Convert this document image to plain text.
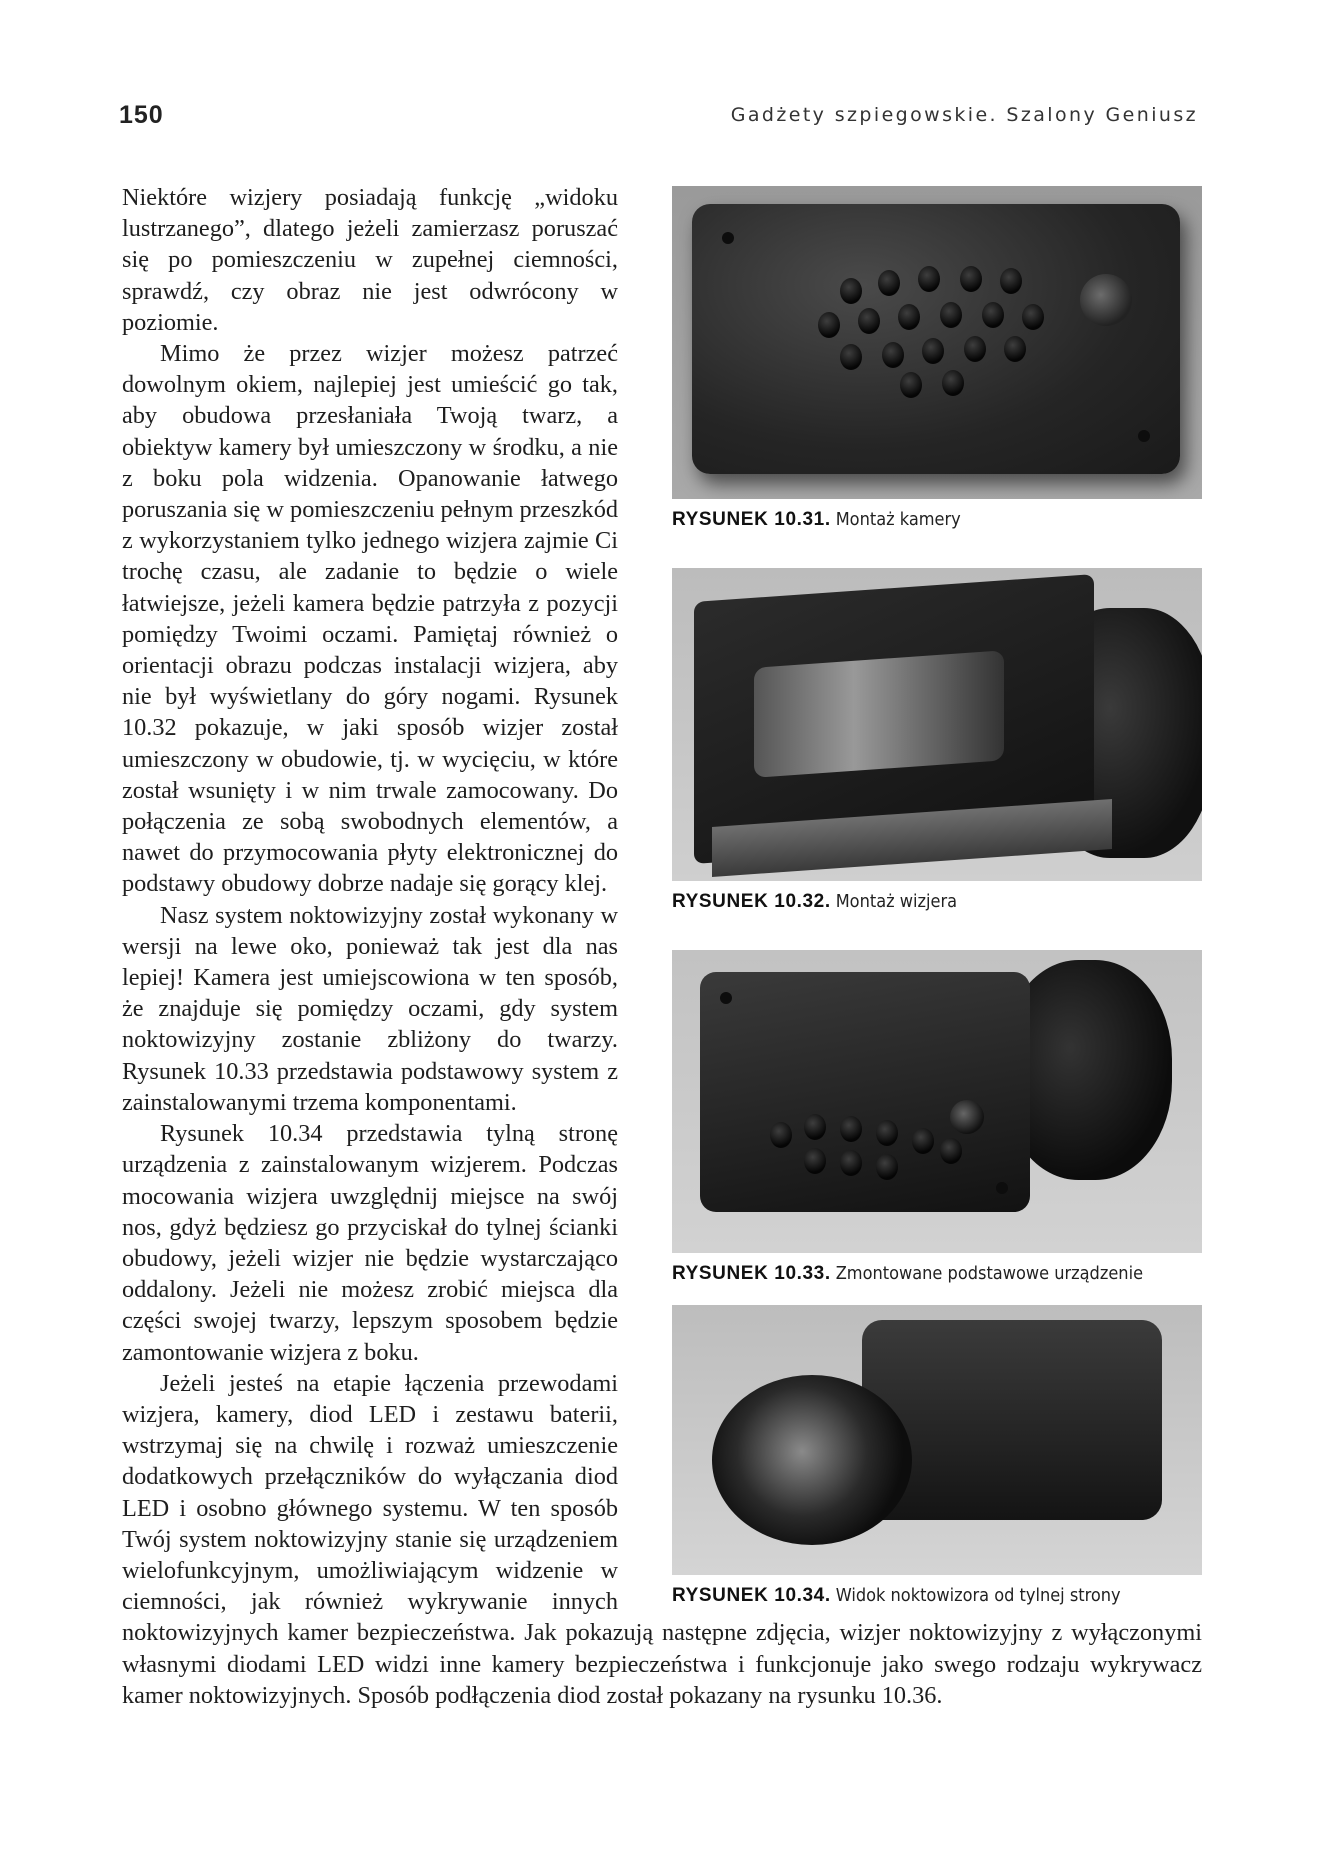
150	Gadżety szpiegowskie. Szalony Geniusz

Niektóre wizjery posiadają funkcję „widoku lustrzanego”, dlatego jeżeli zamierzasz poruszać się po pomieszczeniu w zupełnej ciemności, sprawdź, czy obraz nie jest odwrócony w poziomie.

Mimo że przez wizjer możesz patrzeć dowolnym okiem, najlepiej jest umieścić go tak, aby obudowa przesłaniała Twoją twarz, a obiektyw kamery był umieszczony w środku, a nie z boku pola widzenia. Opanowanie łatwego poruszania się w pomieszczeniu pełnym przeszkód z wykorzystaniem tylko jednego wizjera zajmie Ci trochę czasu, ale zadanie to będzie o wiele łatwiejsze, jeżeli kamera będzie patrzyła z pozycji pomiędzy Twoimi oczami. Pamiętaj również o orientacji obrazu podczas instalacji wizjera, aby nie był wyświetlany do góry nogami. Rysunek 10.32 pokazuje, w jaki sposób wizjer został umieszczony w obudowie, tj. w wycięciu, w które został wsunięty i w nim trwale zamocowany. Do połączenia ze sobą swobodnych elementów, a nawet do przymocowania płyty elektronicznej do podstawy obudowy dobrze nadaje się gorący klej.

Nasz system noktowizyjny został wykonany w wersji na lewe oko, ponieważ tak jest dla nas lepiej! Kamera jest umiejscowiona w ten sposób, że znajduje się pomiędzy oczami, gdy system noktowizyjny zostanie zbliżony do twarzy. Rysunek 10.33 przedstawia podstawowy system z zainstalowanymi trzema komponentami.

Rysunek 10.34 przedstawia tylną stronę urządzenia z zainstalowanym wizjerem. Podczas mocowania wizjera uwzględnij miejsce na swój nos, gdyż będziesz go przyciskał do tylnej ścianki obudowy, jeżeli wizjer nie będzie wystarczająco oddalony. Jeżeli nie możesz zrobić miejsca dla części swojej twarzy, lepszym sposobem będzie zamontowanie wizjera z boku.

Jeżeli jesteś na etapie łączenia przewodami wizjera, kamery, diod LED i zestawu baterii, wstrzymaj się na chwilę i rozważ umieszczenie dodatkowych przełączników do wyłączania diod LED i osobno głównego systemu. W ten sposób Twój system noktowizyjny stanie się urządzeniem wielofunkcyjnym, umożliwiającym widzenie w ciemności, jak również wykrywanie innych noktowizyjnych kamer bezpieczeństwa. Jak pokazują następne zdjęcia, wizjer noktowizyjny z wyłączonymi własnymi diodami LED widzi inne kamery bezpieczeństwa i funkcjonuje jako swego rodzaju wykrywacz kamer noktowizyjnych. Sposób podłączenia diod został pokazany na rysunku 10.36.

RYSUNEK 10.31. Montaż kamery
RYSUNEK 10.32. Montaż wizjera
RYSUNEK 10.33. Zmontowane podstawowe urządzenie
RYSUNEK 10.34. Widok noktowizora od tylnej strony
